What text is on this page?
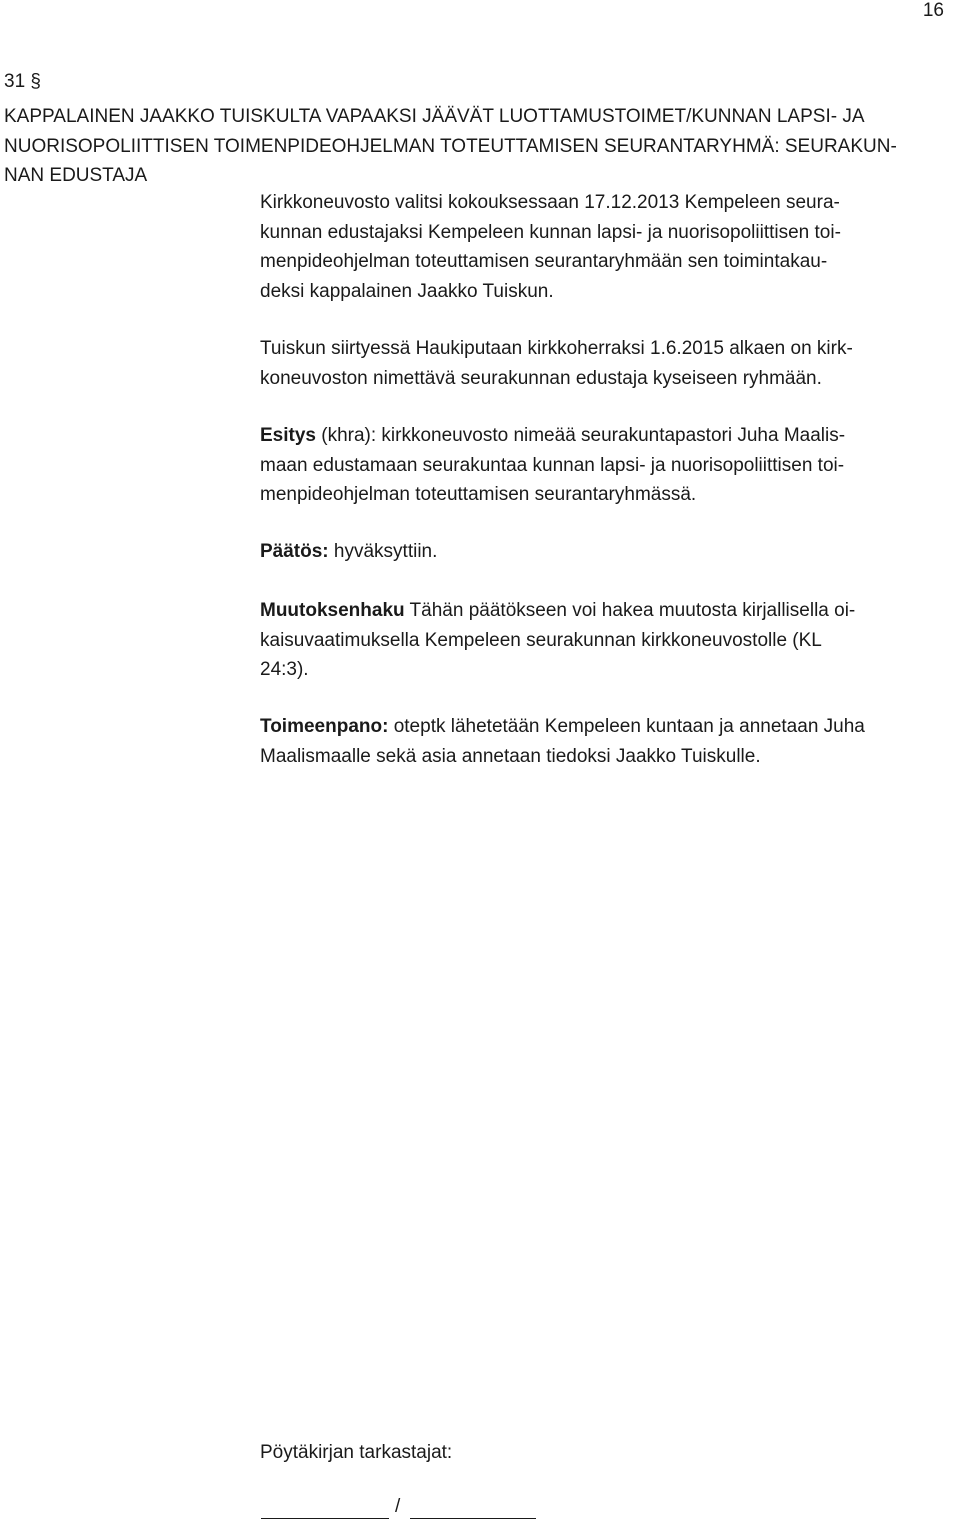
16
31 §
KAPPALAINEN JAAKKO TUISKULTA VAPAAKSI JÄÄVÄT LUOTTAMUSTOIMET/KUNNAN LAPSI- JA
NUORISOPOLIITTISEN TOIMENPIDEOHJELMAN TOTEUTTAMISEN SEURANTARYHMÄ: SEURAKUN-
NAN EDUSTAJA
Kirkkoneuvosto valitsi kokouksessaan 17.12.2013 Kempeleen seura-
kunnan edustajaksi Kempeleen kunnan lapsi- ja nuorisopoliittisen toi-
menpideohjelman toteuttamisen seurantaryhmään sen toimintakau-
deksi kappalainen Jaakko Tuiskun.
Tuiskun siirtyessä Haukiputaan kirkkoherraksi 1.6.2015 alkaen on kirk-
koneuvoston nimettävä seurakunnan edustaja kyseiseen ryhmään.
Esitys (khra): kirkkoneuvosto nimeää seurakuntapastori Juha Maalis-
maan edustamaan seurakuntaa kunnan lapsi- ja nuorisopoliittisen toi-
menpideohjelman toteuttamisen seurantaryhmässä.
Päätös: hyväksyttiin.
Muutoksenhaku Tähän päätökseen voi hakea muutosta kirjallisella oi-
kaisuvaatimuksella Kempeleen seurakunnan kirkkoneuvostolle (KL
24:3).
Toimeenpano: oteptk lähetetään Kempeleen kuntaan ja annetaan Juha
Maalismaalle sekä asia annetaan tiedoksi Jaakko Tuiskulle.
Pöytäkirjan tarkastajat:
/
